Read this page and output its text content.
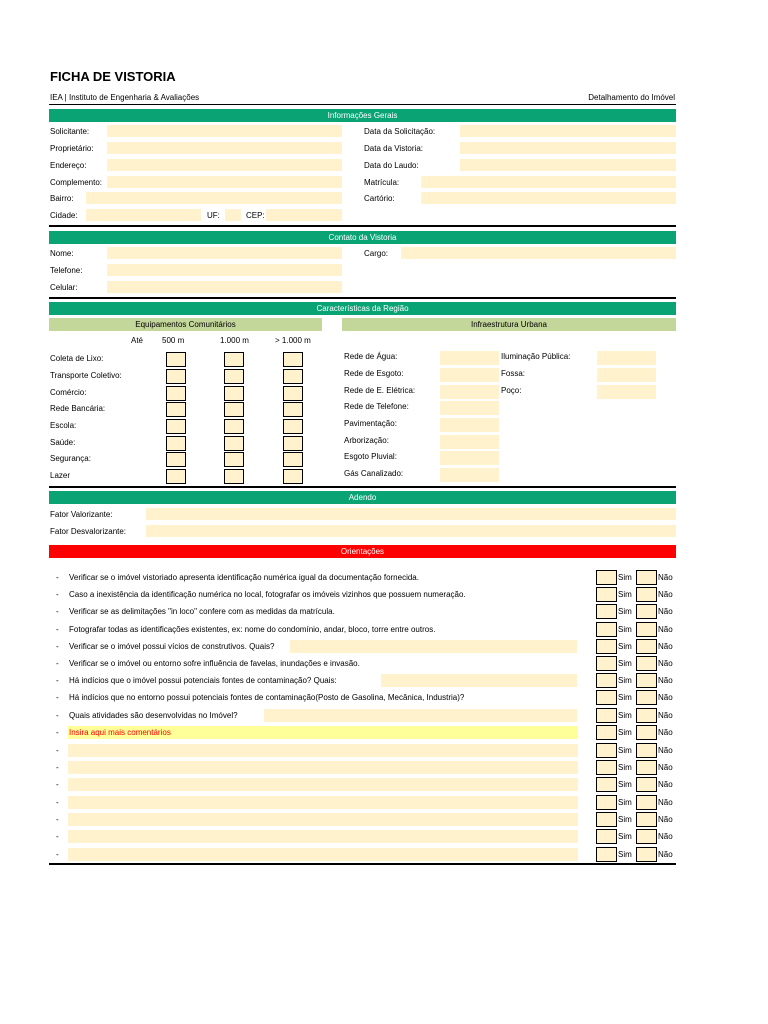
FICHA DE VISTORIA
IEA | Instituto de Engenharia & Avaliações	Detalhamento do Imóvel
Informações Gerais
Solicitante:
Proprietário:
Endereço:
Complemento:
Bairro:
Cidade:	UF:	CEP:
Data da Solicitação:
Data da Vistoria:
Data do Laudo:
Matrícula:
Cartório:
Contato da Vistoria
Nome:
Telefone:
Celular:
Cargo:
Características da Região
Equipamentos Comunitários	Infraestrutura Urbana
Até 500 m	1.000 m	> 1.000 m
Coleta de Lixo:
Transporte Coletivo:
Comércio:
Rede Bancária:
Escola:
Saúde:
Segurança:
Lazer
Rede de Água:
Rede de Esgoto:
Rede de E. Elétrica:
Rede de Telefone:
Pavimentação:
Arborização:
Esgoto Pluvial:
Gás Canalizado:
Iluminação Pública:
Fossa:
Poço:
Adendo
Fator Valorizante:
Fator Desvalorizante:
Orientações
- Verificar se o imóvel vistoriado apresenta identificação numérica igual da documentação fornecida.	Sim	Não
- Caso a inexistência da identificação numérica no local, fotografar os imóveis vizinhos que possuem numeração.	Sim	Não
- Verificar se as delimitações "in loco" confere com as medidas da matrícula.	Sim	Não
- Fotografar todas as identificações existentes, ex: nome do condomínio, andar, bloco, torre entre outros.	Sim	Não
- Verificar se o imóvel possui vícios de construtivos. Quais?	Sim	Não
- Verificar se o imóvel ou entorno sofre influência de favelas, inundações e invasão.	Sim	Não
- Há indícios que o imóvel possui potenciais fontes de contaminação? Quais:	Sim	Não
- Há indícios que no entorno possui potenciais fontes de contaminação(Posto de Gasolina, Mecânica, Industria)?	Sim	Não
- Quais atividades são desenvolvidas no Imóvel?	Sim	Não
- Insira aqui mais comentários	Sim	Não
-	Sim	Não
-	Sim	Não
-	Sim	Não
-	Sim	Não
-	Sim	Não
-	Sim	Não
-	Sim	Não
